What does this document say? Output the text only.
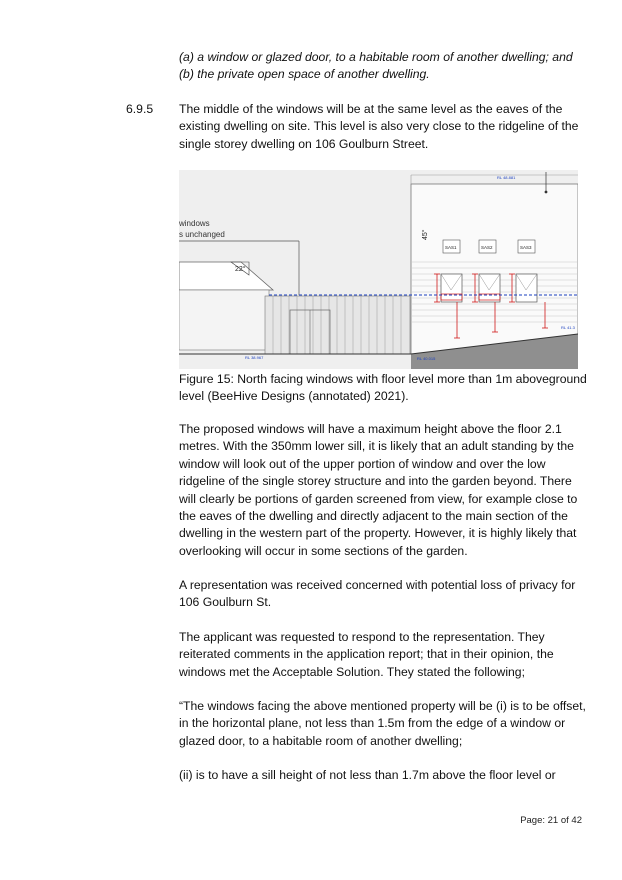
(a) a window or glazed door, to a habitable room of another dwelling; and
(b) the private open space of another dwelling.
6.9.5 The middle of the windows will be at the same level as the eaves of the existing dwelling on site. This level is also very close to the ridgeline of the single storey dwelling on 106 Goulburn Street.
windows
s unchanged
22°
RL 48.881
45°
SAS1	SAS2	SAS3
RL 38.967	RL 40.015
RL 41.3
Figure 15: North facing windows with floor level more than 1m aboveground level (BeeHive Designs (annotated) 2021).
The proposed windows will have a maximum height above the floor 2.1 metres. With the 350mm lower sill, it is likely that an adult standing by the window will look out of the upper portion of window and over the low ridgeline of the single storey structure and into the garden beyond. There will clearly be portions of garden screened from view, for example close to the eaves of the dwelling and directly adjacent to the main section of the dwelling in the western part of the property. However, it is highly likely that overlooking will occur in some sections of the garden.
A representation was received concerned with potential loss of privacy for 106 Goulburn St.
The applicant was requested to respond to the representation. They reiterated comments in the application report; that in their opinion, the windows met the Acceptable Solution. They stated the following;
“The windows facing the above mentioned property will be (i) is to be offset, in the horizontal plane, not less than 1.5m from the edge of a window or glazed door, to a habitable room of another dwelling;
(ii) is to have a sill height of not less than 1.7m above the floor level or
Page: 21 of 42
